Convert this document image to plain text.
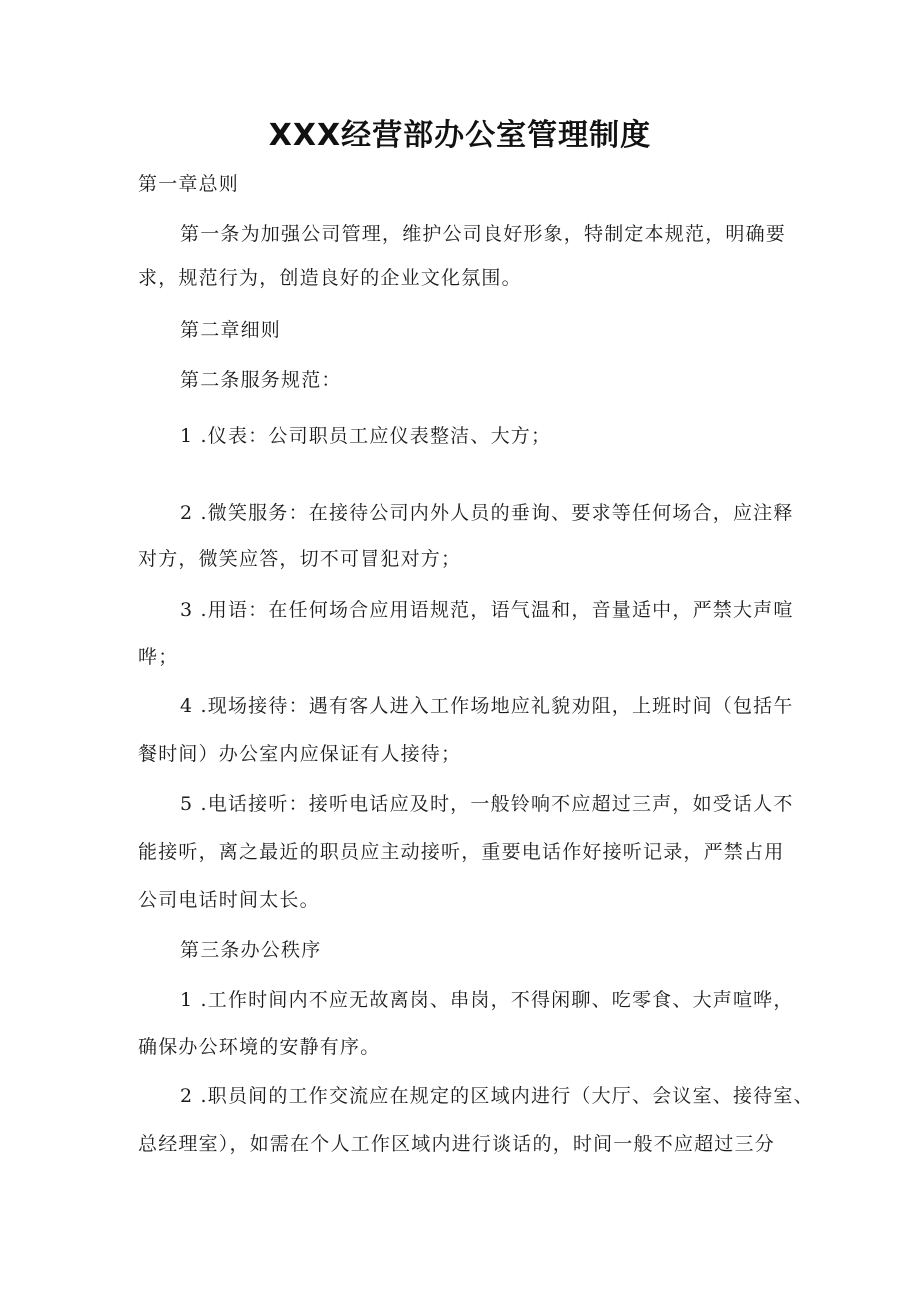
XXX经营部办公室管理制度
第一章总则
第一条为加强公司管理，维护公司良好形象，特制定本规范，明确要
求，规范行为，创造良好的企业文化氛围。
第二章细则
第二条服务规范：
1 .仪表：公司职员工应仪表整洁、大方；
2 .微笑服务：在接待公司内外人员的垂询、要求等任何场合，应注释
对方，微笑应答，切不可冒犯对方；
3 .用语：在任何场合应用语规范，语气温和，音量适中，严禁大声喧
哗；
4 .现场接待：遇有客人进入工作场地应礼貌劝阻，上班时间（包括午
餐时间）办公室内应保证有人接待；
5 .电话接听：接听电话应及时，一般铃响不应超过三声，如受话人不
能接听，离之最近的职员应主动接听，重要电话作好接听记录，严禁占用
公司电话时间太长。
第三条办公秩序
1 .工作时间内不应无故离岗、串岗，不得闲聊、吃零食、大声喧哗，
确保办公环境的安静有序。
2 .职员间的工作交流应在规定的区域内进行（大厅、会议室、接待室、
总经理室），如需在个人工作区域内进行谈话的，时间一般不应超过三分
